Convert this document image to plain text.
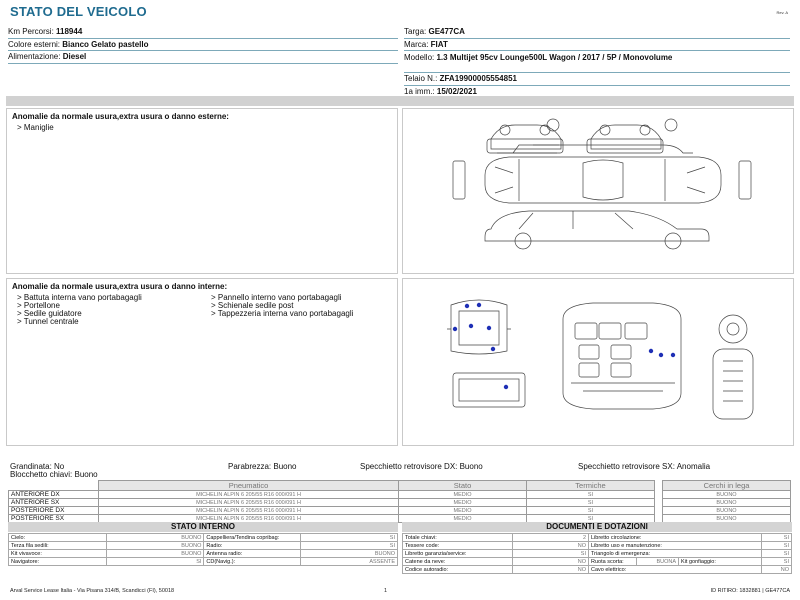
STATO DEL VEICOLO	Rev. A
Km Percorsi: 118944
Colore esterni: Bianco Gelato pastello
Alimentazione: Diesel
Targa: GE477CA
Marca: FIAT
Modello: 1.3 Multijet 95cv Lounge500L Wagon / 2017 / 5P / Monovolume
Telaio N.: ZFA19900005554851
1a imm.: 15/02/2021
Anomalie da normale usura,extra usura o danno esterne:
> Maniglie
Anomalie da normale usura,extra usura o danno interne:
> Battuta interna vano portabagagli
> Portellone
> Sedile guidatore
> Tunnel centrale
> Pannello interno vano portabagagli
> Schienale sedile post
> Tappezzeria interna vano portabagagli
Grandinata: No
Blocchetto chiavi: Buono
Parabrezza: Buono	Specchietto retrovisore DX: Buono	Specchietto retrovisore SX: Anomalia
	Pneumatico	Stato	Termiche		Cerchi in lega
ANTERIORE DX	MICHELIN ALPIN 6 205/55 R16 000/091 H	MEDIO	SI		BUONO
ANTERIORE SX	MICHELIN ALPIN 6 205/55 R16 000/091 H	MEDIO	SI		BUONO
POSTERIORE DX	MICHELIN ALPIN 6 205/55 R16 000/091 H	MEDIO	SI		BUONO
POSTERIORE SX	MICHELIN ALPIN 6 205/55 R16 000/091 H	MEDIO	SI		BUONO
STATO INTERNO
Cielo:	BUONO	Cappelliera/Tendina copribag:	SI
Terza fila sedili:	BUONO	Radio:	SI
Kit vivavoce:	BUONO	Antenna radio:	BUONO
Navigatore:	SI	CD(Navig.):	ASSENTE
DOCUMENTI E DOTAZIONI
Totale chiavi:	2	Libretto circolazione:			SI
Tessere code:	NO	Libretto uso e manutenzione:			SI
Libretto garanzia/service:	SI	Triangolo di emergenza:			SI
Catene da neve:	NO	Ruota scorta:	BUONA	Kit gonfiaggio:	SI
Codice autoradio:	NO	Cavo elettrico:			NO
Arval Service Lease Italia - Via Pisana 314/B, Scandicci (FI), 50018	1	ID RITIRO: 1832881 | GE477CA
